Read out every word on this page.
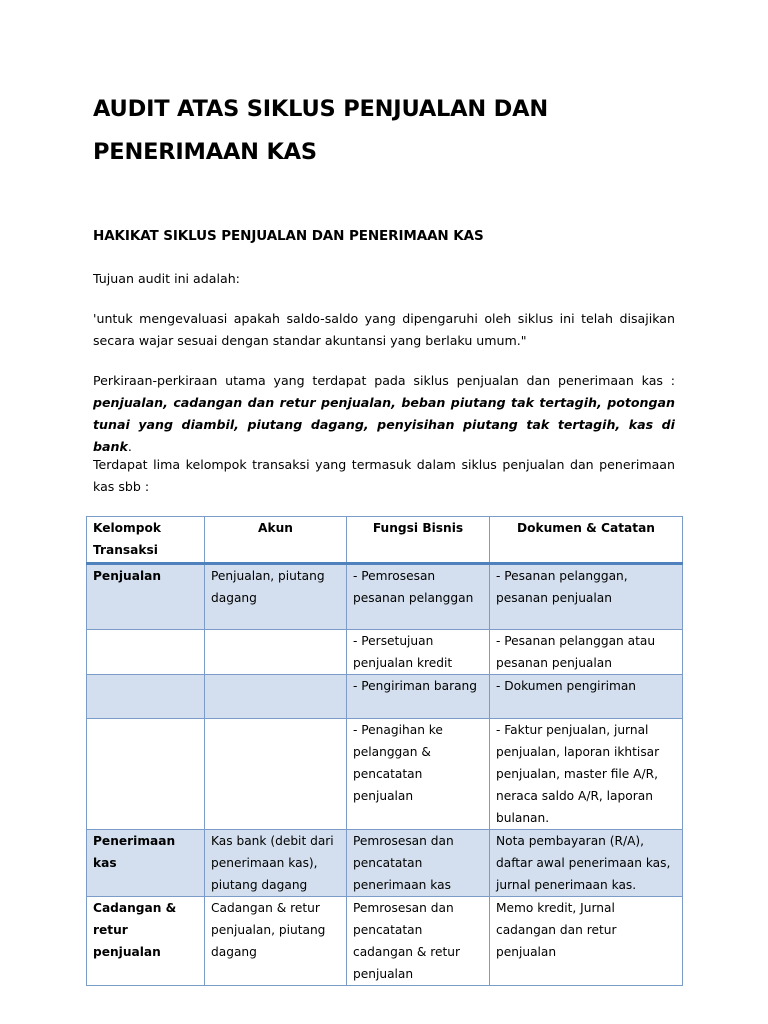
AUDIT ATAS SIKLUS PENJUALAN DAN
PENERIMAAN KAS
HAKIKAT SIKLUS PENJUALAN DAN PENERIMAAN KAS
Tujuan audit ini adalah:
'untuk mengevaluasi apakah saldo-saldo yang dipengaruhi oleh siklus ini telah disajikan secara wajar sesuai dengan standar akuntansi yang berlaku umum."
Perkiraan-perkiraan utama yang terdapat pada siklus penjualan dan penerimaan kas : penjualan, cadangan dan retur penjualan, beban piutang tak tertagih, potongan tunai yang diambil, piutang dagang, penyisihan piutang tak tertagih, kas di bank.
Terdapat lima kelompok transaksi yang termasuk dalam siklus penjualan dan penerimaan kas sbb :
Kelompok Transaksi	Akun	Fungsi Bisnis	Dokumen & Catatan
Penjualan	Penjualan, piutang dagang	- Pemrosesan pesanan pelanggan	- Pesanan pelanggan, pesanan penjualan
		- Persetujuan penjualan kredit	- Pesanan pelanggan atau pesanan penjualan
		- Pengiriman barang	- Dokumen pengiriman
		- Penagihan ke pelanggan & pencatatan penjualan	- Faktur penjualan, jurnal penjualan, laporan ikhtisar penjualan, master file A/R, neraca saldo A/R, laporan bulanan.
Penerimaan kas	Kas bank (debit dari penerimaan kas), piutang dagang	Pemrosesan dan pencatatan penerimaan kas	Nota pembayaran (R/A), daftar awal penerimaan kas, jurnal penerimaan kas.
Cadangan & retur penjualan	Cadangan & retur penjualan, piutang dagang	Pemrosesan dan pencatatan cadangan & retur penjualan	Memo kredit, Jurnal cadangan dan retur penjualan
